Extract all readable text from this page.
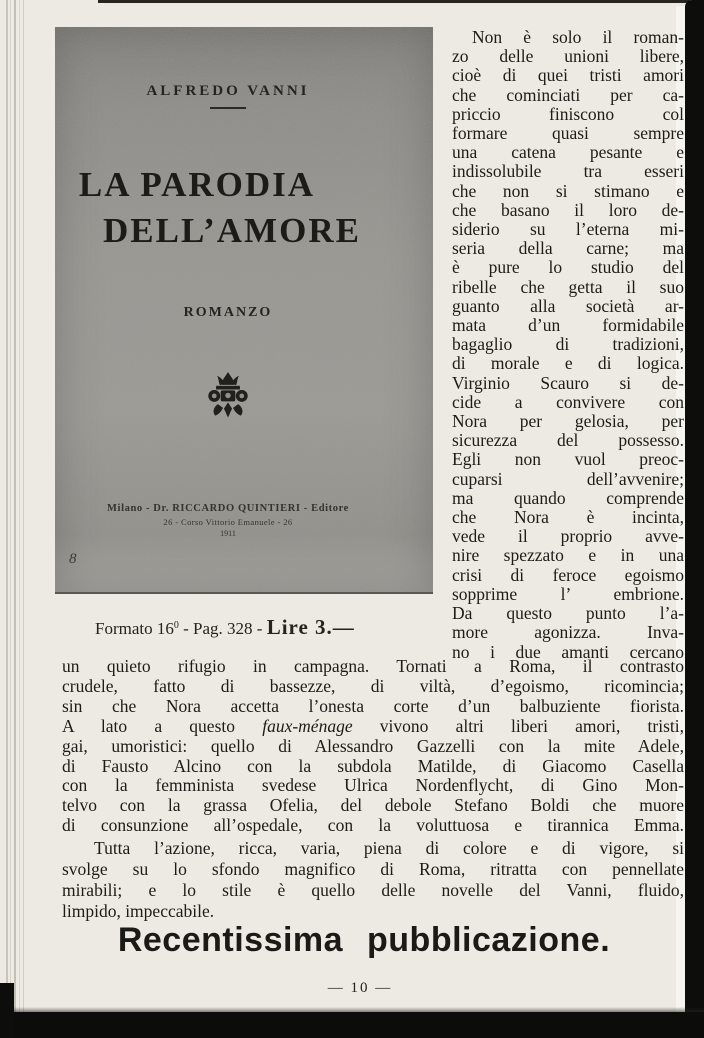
ALFREDO VANNI
LA PARODIA
DELL’AMORE
ROMANZO
Milano - Dr. RICCARDO QUINTIERI - Editore
26 - Corso Vittorio Emanuele - 26
1911
8
Non è solo il roman-
zo delle unioni libere,
cioè di quei tristi amori
che cominciati per ca-
priccio finiscono col
formare quasi sempre
una catena pesante e
indissolubile tra esseri
che non si stimano e
che basano il loro de-
siderio su l’eterna mi-
seria della carne; ma
è pure lo studio del
ribelle che getta il suo
guanto alla società ar-
mata d’un formidabile
bagaglio di tradizioni,
di morale e di logica.
Virginio Scauro si de-
cide a convivere con
Nora per gelosia, per
sicurezza del possesso.
Egli non vuol preoc-
cuparsi dell’avvenire;
ma quando comprende
che Nora è incinta,
vede il proprio avve-
nire spezzato e in una
crisi di feroce egoismo
sopprime l’ embrione.
Da questo punto l’a-
more agonizza. Inva-
no i due amanti cercano
Formato $16^0$ - Pag. 328 - Lire 3.—
un quieto rifugio in campagna. Tornati a Roma, il contrasto
crudele, fatto di bassezze, di viltà, d’egoismo, ricomincia;
sin che Nora accetta l’onesta corte d’un balbuziente fiorista.
A lato a questo faux-ménage vivono altri liberi amori, tristi,
gai, umoristici: quello di Alessandro Gazzelli con la mite Adele,
di Fausto Alcino con la subdola Matilde, di Giacomo Casella
con la femminista svedese Ulrica Nordenflycht, di Gino Mon-
telvo con la grassa Ofelia, del debole Stefano Boldi che muore
di consunzione all’ospedale, con la voluttuosa e tirannica Emma.
Tutta l’azione, ricca, varia, piena di colore e di vigore, si
svolge su lo sfondo magnifico di Roma, ritratta con pennellate
mirabili; e lo stile è quello delle novelle del Vanni, fluido,
limpido, impeccabile.
Recentissima pubblicazione.
— 10 —
